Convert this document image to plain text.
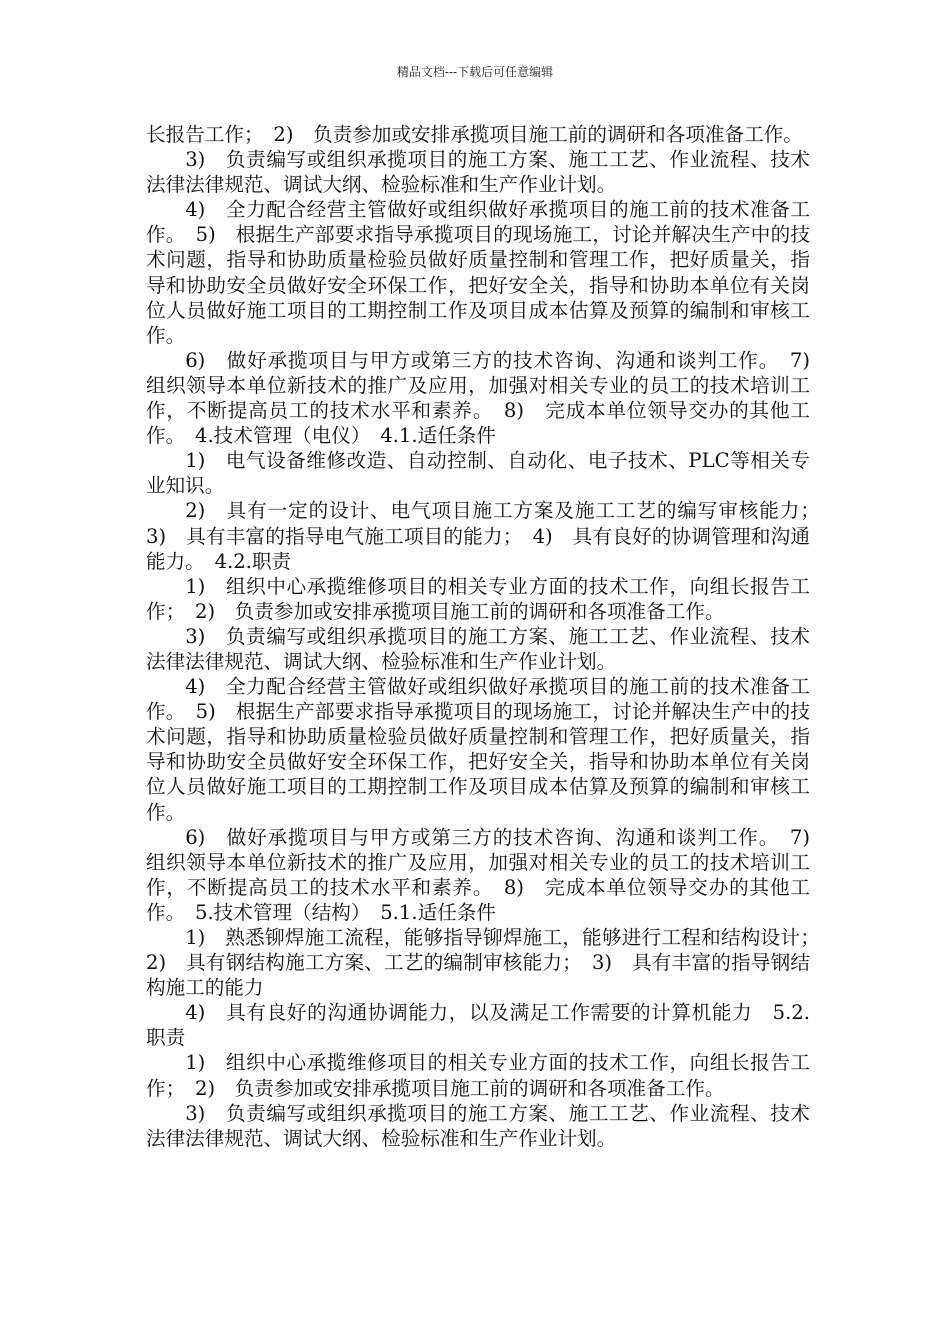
精品文档---下载后可任意编辑

长报告工作；　2)　负责参加或安排承揽项目施工前的调研和各项准备工作。

3)　负责编写或组织承揽项目的施工方案、施工工艺、作业流程、技术法律法律规范、调试大纲、检验标准和生产作业计划。

4)　全力配合经营主管做好或组织做好承揽项目的施工前的技术准备工作。　5)　根据生产部要求指导承揽项目的现场施工，讨论并解决生产中的技术问题，指导和协助质量检验员做好质量控制和管理工作，把好质量关，指导和协助安全员做好安全环保工作，把好安全关，指导和协助本单位有关岗位人员做好施工项目的工期控制工作及项目成本估算及预算的编制和审核工作。

6)　做好承揽项目与甲方或第三方的技术咨询、沟通和谈判工作。　7)　组织领导本单位新技术的推广及应用，加强对相关专业的员工的技术培训工作，不断提高员工的技术水平和素养。　8)　完成本单位领导交办的其他工作。　4.技术管理（电仪）　4.1.适任条件

1)　电气设备维修改造、自动控制、自动化、电子技术、PLC等相关专业知识。

2)　具有一定的设计、电气项目施工方案及施工工艺的编写审核能力；　3)　具有丰富的指导电气施工项目的能力；　4)　具有良好的协调管理和沟通能力。　4.2.职责

1)　组织中心承揽维修项目的相关专业方面的技术工作，向组长报告工作；　2)　负责参加或安排承揽项目施工前的调研和各项准备工作。

3)　负责编写或组织承揽项目的施工方案、施工工艺、作业流程、技术法律法律规范、调试大纲、检验标准和生产作业计划。

4)　全力配合经营主管做好或组织做好承揽项目的施工前的技术准备工作。　5)　根据生产部要求指导承揽项目的现场施工，讨论并解决生产中的技术问题，指导和协助质量检验员做好质量控制和管理工作，把好质量关，指导和协助安全员做好安全环保工作，把好安全关，指导和协助本单位有关岗位人员做好施工项目的工期控制工作及项目成本估算及预算的编制和审核工作。

6)　做好承揽项目与甲方或第三方的技术咨询、沟通和谈判工作。　7)　组织领导本单位新技术的推广及应用，加强对相关专业的员工的技术培训工作，不断提高员工的技术水平和素养。　8)　完成本单位领导交办的其他工作。　5.技术管理（结构）　5.1.适任条件

1)　熟悉铆焊施工流程，能够指导铆焊施工，能够进行工程和结构设计；　2)　具有钢结构施工方案、工艺的编制审核能力；　3)　具有丰富的指导钢结构施工的能力

4)　具有良好的沟通协调能力，以及满足工作需要的计算机能力　5.2.职责

1)　组织中心承揽维修项目的相关专业方面的技术工作，向组长报告工作；　2)　负责参加或安排承揽项目施工前的调研和各项准备工作。

3)　负责编写或组织承揽项目的施工方案、施工工艺、作业流程、技术法律法律规范、调试大纲、检验标准和生产作业计划。
